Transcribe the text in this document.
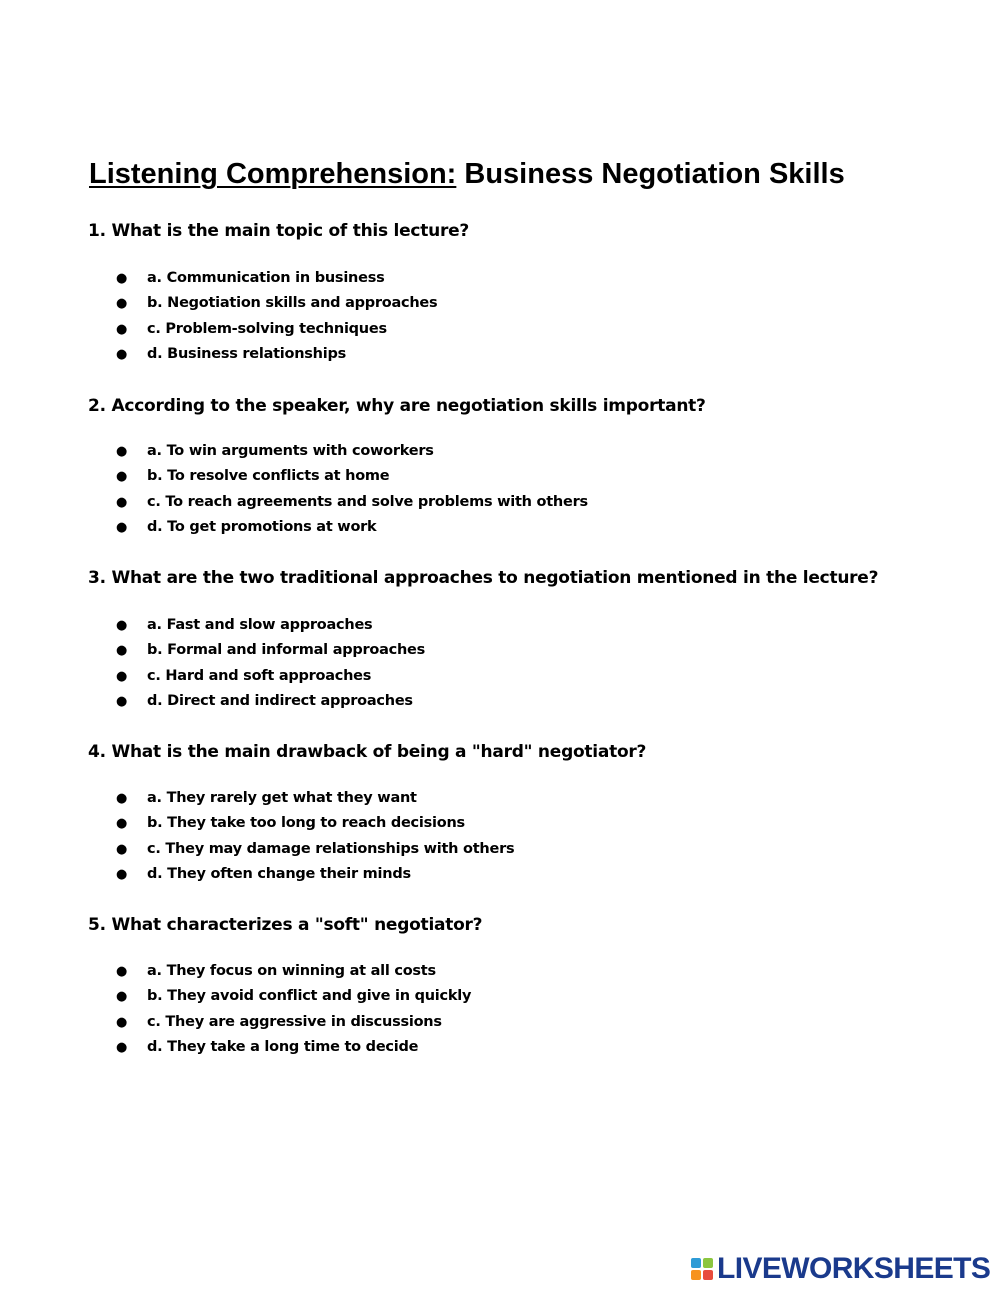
Listening Comprehension: Business Negotiation Skills

1. What is the main topic of this lecture?

● a. Communication in business
● b. Negotiation skills and approaches
● c. Problem-solving techniques
● d. Business relationships

2. According to the speaker, why are negotiation skills important?

● a. To win arguments with coworkers
● b. To resolve conflicts at home
● c. To reach agreements and solve problems with others
● d. To get promotions at work

3. What are the two traditional approaches to negotiation mentioned in the lecture?

● a. Fast and slow approaches
● b. Formal and informal approaches
● c. Hard and soft approaches
● d. Direct and indirect approaches

4. What is the main drawback of being a "hard" negotiator?

● a. They rarely get what they want
● b. They take too long to reach decisions
● c. They may damage relationships with others
● d. They often change their minds

5. What characterizes a "soft" negotiator?

● a. They focus on winning at all costs
● b. They avoid conflict and give in quickly
● c. They are aggressive in discussions
● d. They take a long time to decide
LIVEWORKSHEETS
